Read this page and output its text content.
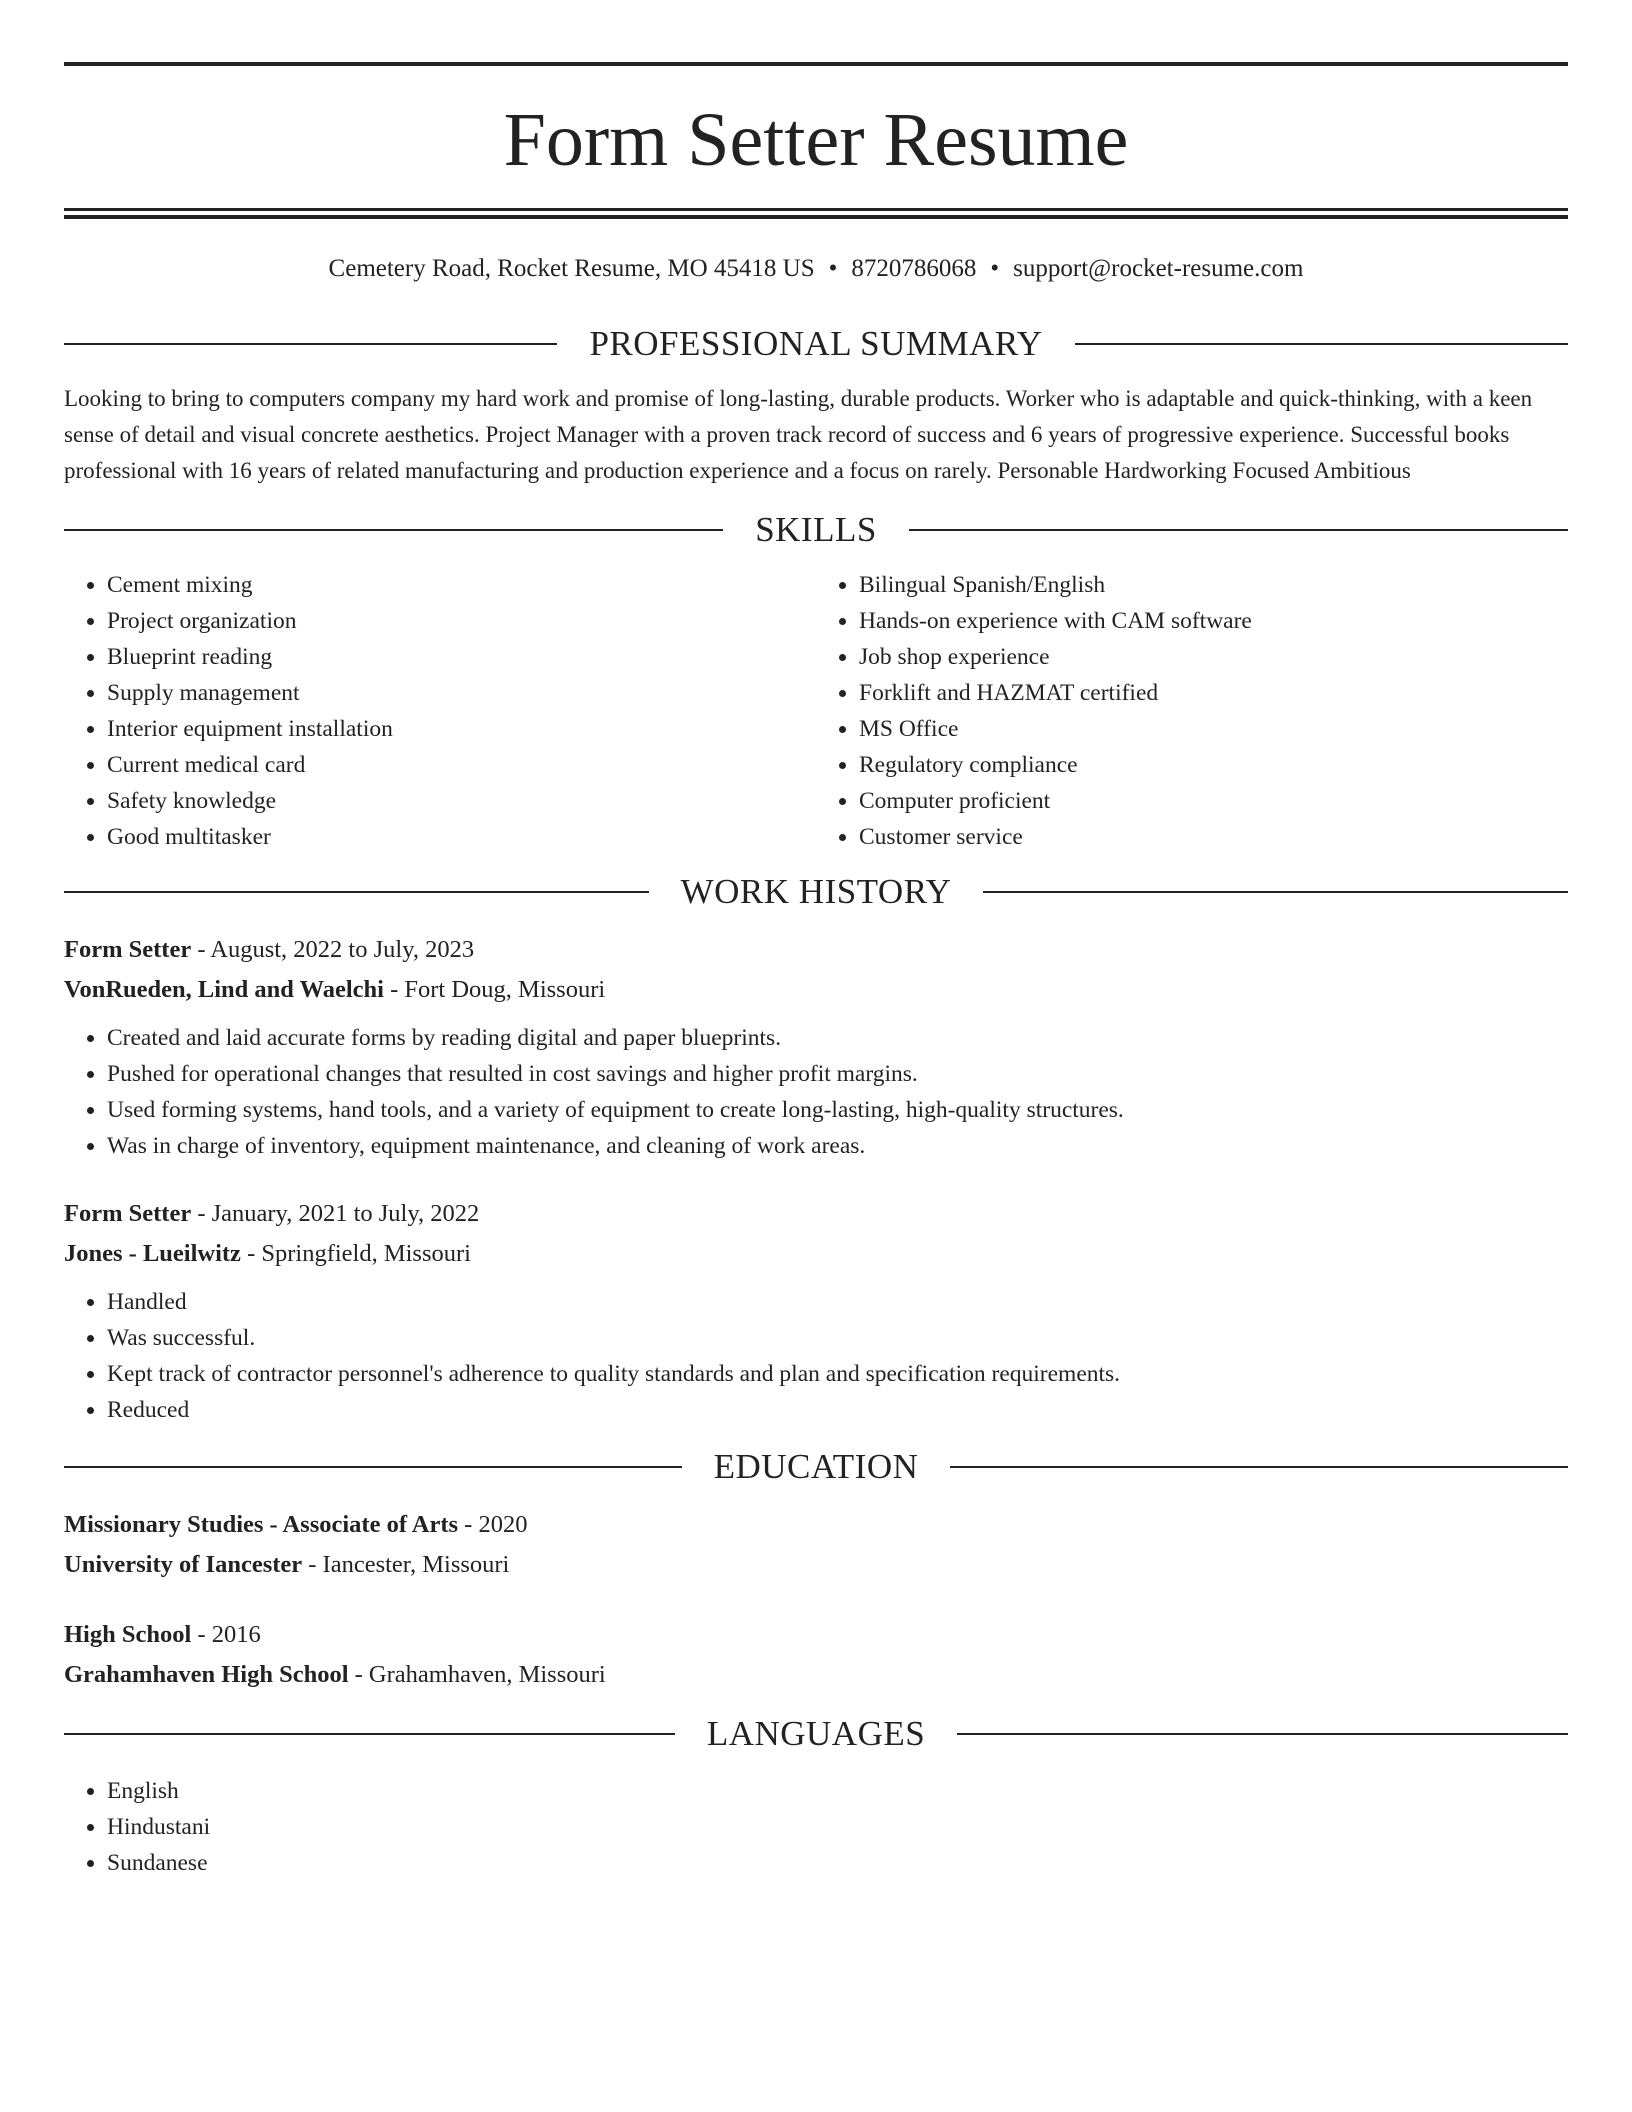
Form Setter Resume
Cemetery Road, Rocket Resume, MO 45418 US • 8720786068 • support@rocket-resume.com
PROFESSIONAL SUMMARY

Looking to bring to computers company my hard work and promise of long-lasting, durable products. Worker who is adaptable and quick-thinking, with a keen sense of detail and visual concrete aesthetics. Project Manager with a proven track record of success and 6 years of progressive experience. Successful books professional with 16 years of related manufacturing and production experience and a focus on rarely. Personable Hardworking Focused Ambitious

SKILLS
• Cement mixing
• Project organization
• Blueprint reading
• Supply management
• Interior equipment installation
• Current medical card
• Safety knowledge
• Good multitasker
• Bilingual Spanish/English
• Hands-on experience with CAM software
• Job shop experience
• Forklift and HAZMAT certified
• MS Office
• Regulatory compliance
• Computer proficient
• Customer service
WORK HISTORY
Form Setter - August, 2022 to July, 2023
VonRueden, Lind and Waelchi - Fort Doug, Missouri
• Created and laid accurate forms by reading digital and paper blueprints.
• Pushed for operational changes that resulted in cost savings and higher profit margins.
• Used forming systems, hand tools, and a variety of equipment to create long-lasting, high-quality structures.
• Was in charge of inventory, equipment maintenance, and cleaning of work areas.
Form Setter - January, 2021 to July, 2022
Jones - Lueilwitz - Springfield, Missouri
• Handled
• Was successful.
• Kept track of contractor personnel's adherence to quality standards and plan and specification requirements.
• Reduced
EDUCATION
Missionary Studies - Associate of Arts - 2020
University of Iancester - Iancester, Missouri
High School - 2016
Grahamhaven High School - Grahamhaven, Missouri
LANGUAGES
• English
• Hindustani
• Sundanese
